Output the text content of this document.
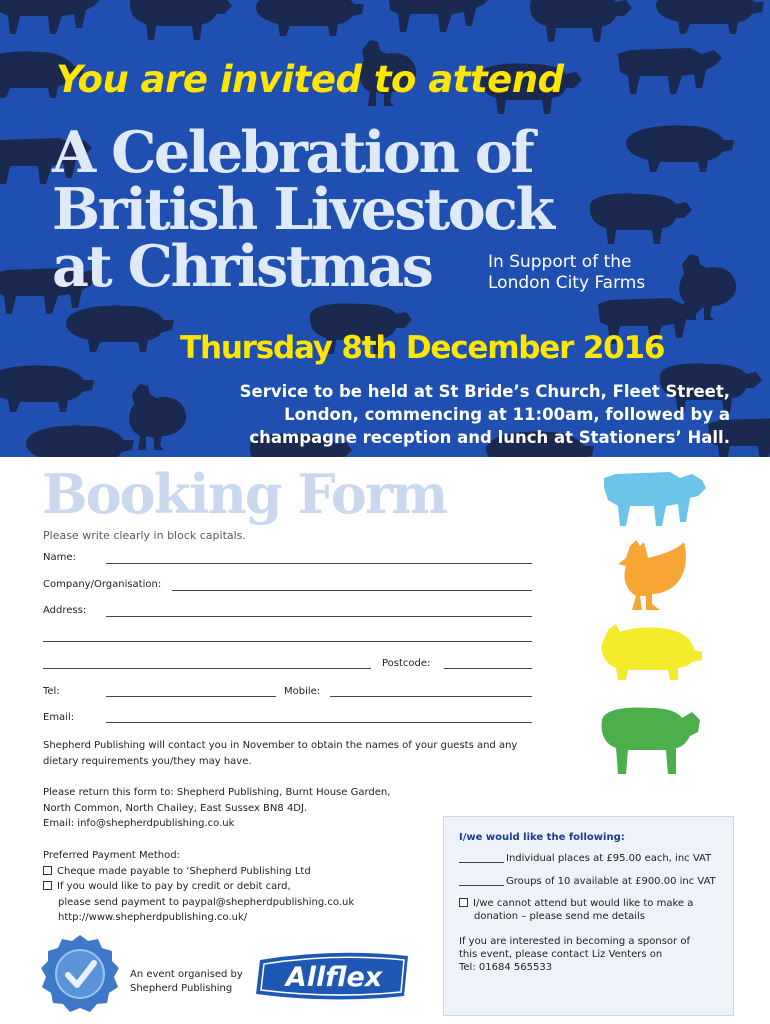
You are invited to attend
A Celebration of
British Livestock
at Christmas	In Support of the
London City Farms
Thursday 8th December 2016
Service to be held at St Bride’s Church, Fleet Street,
London, commencing at 11:00am, followed by a
champagne reception and lunch at Stationers’ Hall.
Booking Form
Please write clearly in block capitals.
Name:
Company/Organisation:
Address:
Postcode:
Tel:	Mobile:
Email:
Shepherd Publishing will contact you in November to obtain the names of your guests and any
dietary requirements you/they may have.
Please return this form to: Shepherd Publishing, Burnt House Garden,
North Common, North Chailey, East Sussex BN8 4DJ.
Email: info@shepherdpublishing.co.uk
Preferred Payment Method:
Cheque made payable to ‘Shepherd Publishing Ltd
If you would like to pay by credit or debit card,
please send payment to paypal@shepherdpublishing.co.uk
http://www.shepherdpublishing.co.uk/
I/we would like the following:
Individual places at £95.00 each, inc VAT
Groups of 10 available at £900.00 inc VAT
I/we cannot attend but would like to make a
donation – please send me details
If you are interested in becoming a sponsor of
this event, please contact Liz Venters on
Tel: 01684 565533
An event organised by
Shepherd Publishing	Allflex
